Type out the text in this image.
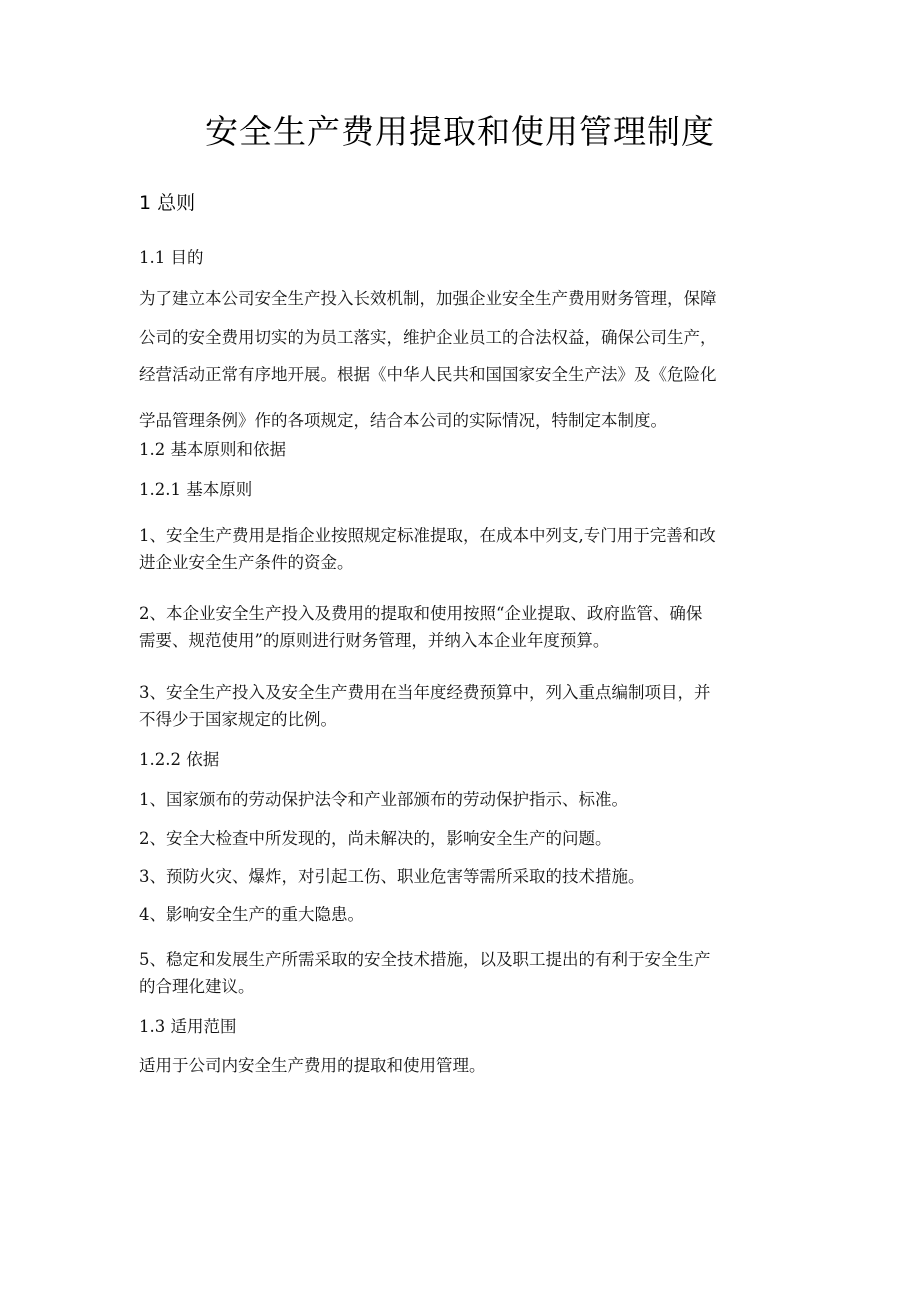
安全生产费用提取和使用管理制度
1 总则
1.1 目的
为了建立本公司安全生产投入长效机制，加强企业安全生产费用财务管理，保障
公司的安全费用切实的为员工落实，维护企业员工的合法权益，确保公司生产，
经营活动正常有序地开展。根据《中华人民共和国国家安全生产法》及《危险化
学品管理条例》作的各项规定，结合本公司的实际情况，特制定本制度。
1.2 基本原则和依据
1.2.1 基本原则
1、安全生产费用是指企业按照规定标准提取，在成本中列支,专门用于完善和改
进企业安全生产条件的资金。
2、本企业安全生产投入及费用的提取和使用按照“企业提取、政府监管、确保
需要、规范使用”的原则进行财务管理，并纳入本企业年度预算。
3、安全生产投入及安全生产费用在当年度经费预算中，列入重点编制项目，并
不得少于国家规定的比例。
1.2.2 依据
1、国家颁布的劳动保护法令和产业部颁布的劳动保护指示、标准。
2、安全大检查中所发现的，尚未解决的，影响安全生产的问题。
3、预防火灾、爆炸，对引起工伤、职业危害等需所采取的技术措施。
4、影响安全生产的重大隐患。
5、稳定和发展生产所需采取的安全技术措施，以及职工提出的有利于安全生产
的合理化建议。
1.3 适用范围
适用于公司内安全生产费用的提取和使用管理。
